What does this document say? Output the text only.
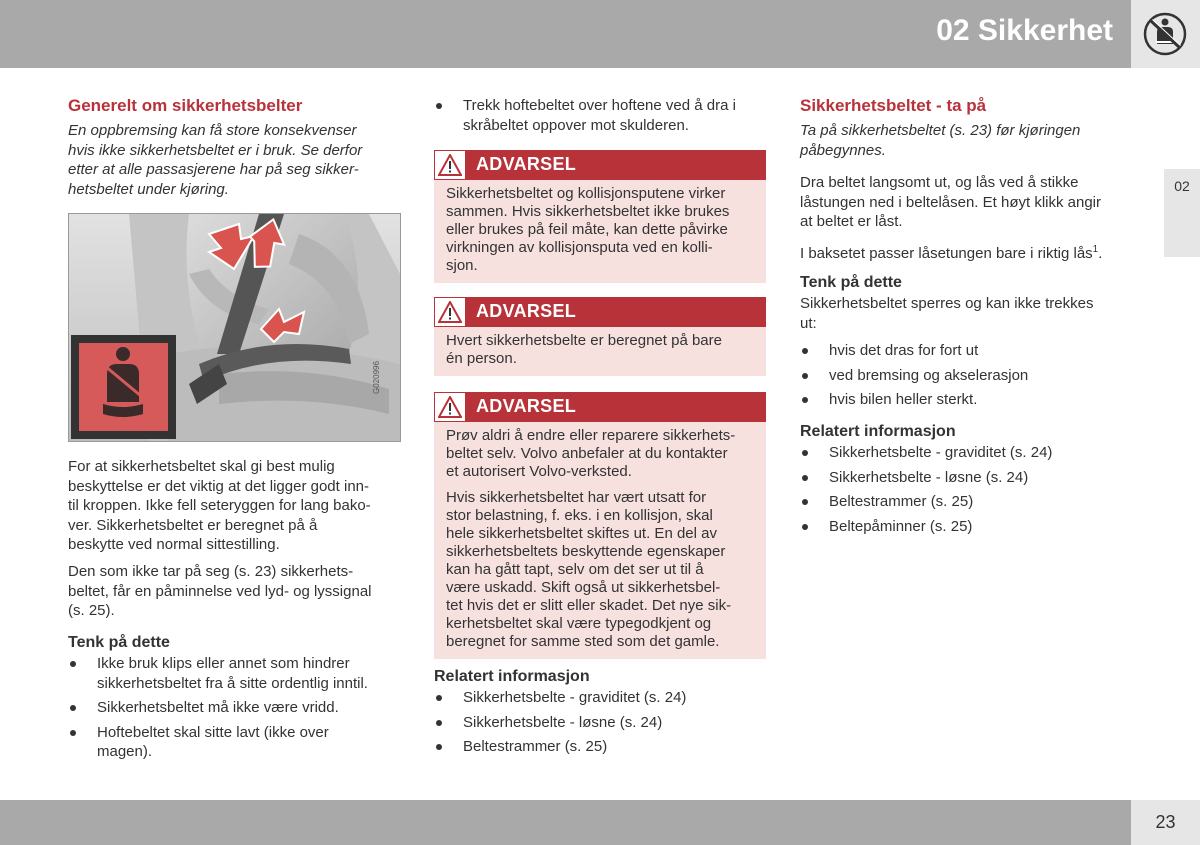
02 Sikkerhet
02
23
Generelt om sikkerhetsbelter

En oppbremsing kan få store konsekvenser

hvis ikke sikkerhetsbeltet er i bruk. Se derfor

etter at alle passasjerene har på seg sikker-

hetsbeltet under kjøring.

G020996

For at sikkerhetsbeltet skal gi best mulig

beskyttelse er det viktig at det ligger godt inn-

til kroppen. Ikke fell seteryggen for lang bako-

ver. Sikkerhetsbeltet er beregnet på å

beskytte ved normal sittestilling.

Den som ikke tar på seg (s. 23) sikkerhets-

beltet, får en påminnelse ved lyd- og lyssignal

(s. 25).

Tenk på dette
Ikke bruk klips eller annet som hindrer
sikkerhetsbeltet fra å sitte ordentlig inntil.
Sikkerhetsbeltet må ikke være vridd.
Hoftebeltet skal sitte lavt (ikke over
magen).
Trekk hoftebeltet over hoftene ved å dra i
skråbeltet oppover mot skulderen.
ADVARSEL

Sikkerhetsbeltet og kollisjonsputene virker
sammen. Hvis sikkerhetsbeltet ikke brukes
eller brukes på feil måte, kan dette påvirke
virkningen av kollisjonsputa ved en kolli-
sjon.

ADVARSEL

Hvert sikkerhetsbelte er beregnet på bare
én person.

ADVARSEL

Prøv aldri å endre eller reparere sikkerhets-
beltet selv. Volvo anbefaler at du kontakter
et autorisert Volvo-verksted.

Hvis sikkerhetsbeltet har vært utsatt for
stor belastning, f. eks. i en kollisjon, skal
hele sikkerhetsbeltet skiftes ut. En del av
sikkerhetsbeltets beskyttende egenskaper
kan ha gått tapt, selv om det ser ut til å
være uskadd. Skift også ut sikkerhetsbel-
tet hvis det er slitt eller skadet. Det nye sik-
kerhetsbeltet skal være typegodkjent og
beregnet for samme sted som det gamle.

Relatert informasjon
Sikkerhetsbelte - graviditet (s. 24)
Sikkerhetsbelte - løsne (s. 24)
Beltestrammer (s. 25)
Sikkerhetsbeltet - ta på

Ta på sikkerhetsbeltet (s. 23) før kjøringen

påbegynnes.

Dra beltet langsomt ut, og lås ved å stikke

låstungen ned i beltelåsen. Et høyt klikk angir

at beltet er låst.

I baksetet passer låsetungen bare i riktig lås$^1$.

Tenk på dette

Sikkerhetsbeltet sperres og kan ikke trekkes

ut:

hvis det dras for fort ut
ved bremsing og akselerasjon
hvis bilen heller sterkt.
Relatert informasjon
Sikkerhetsbelte - graviditet (s. 24)
Sikkerhetsbelte - løsne (s. 24)
Beltestrammer (s. 25)
Beltepåminner (s. 25)
